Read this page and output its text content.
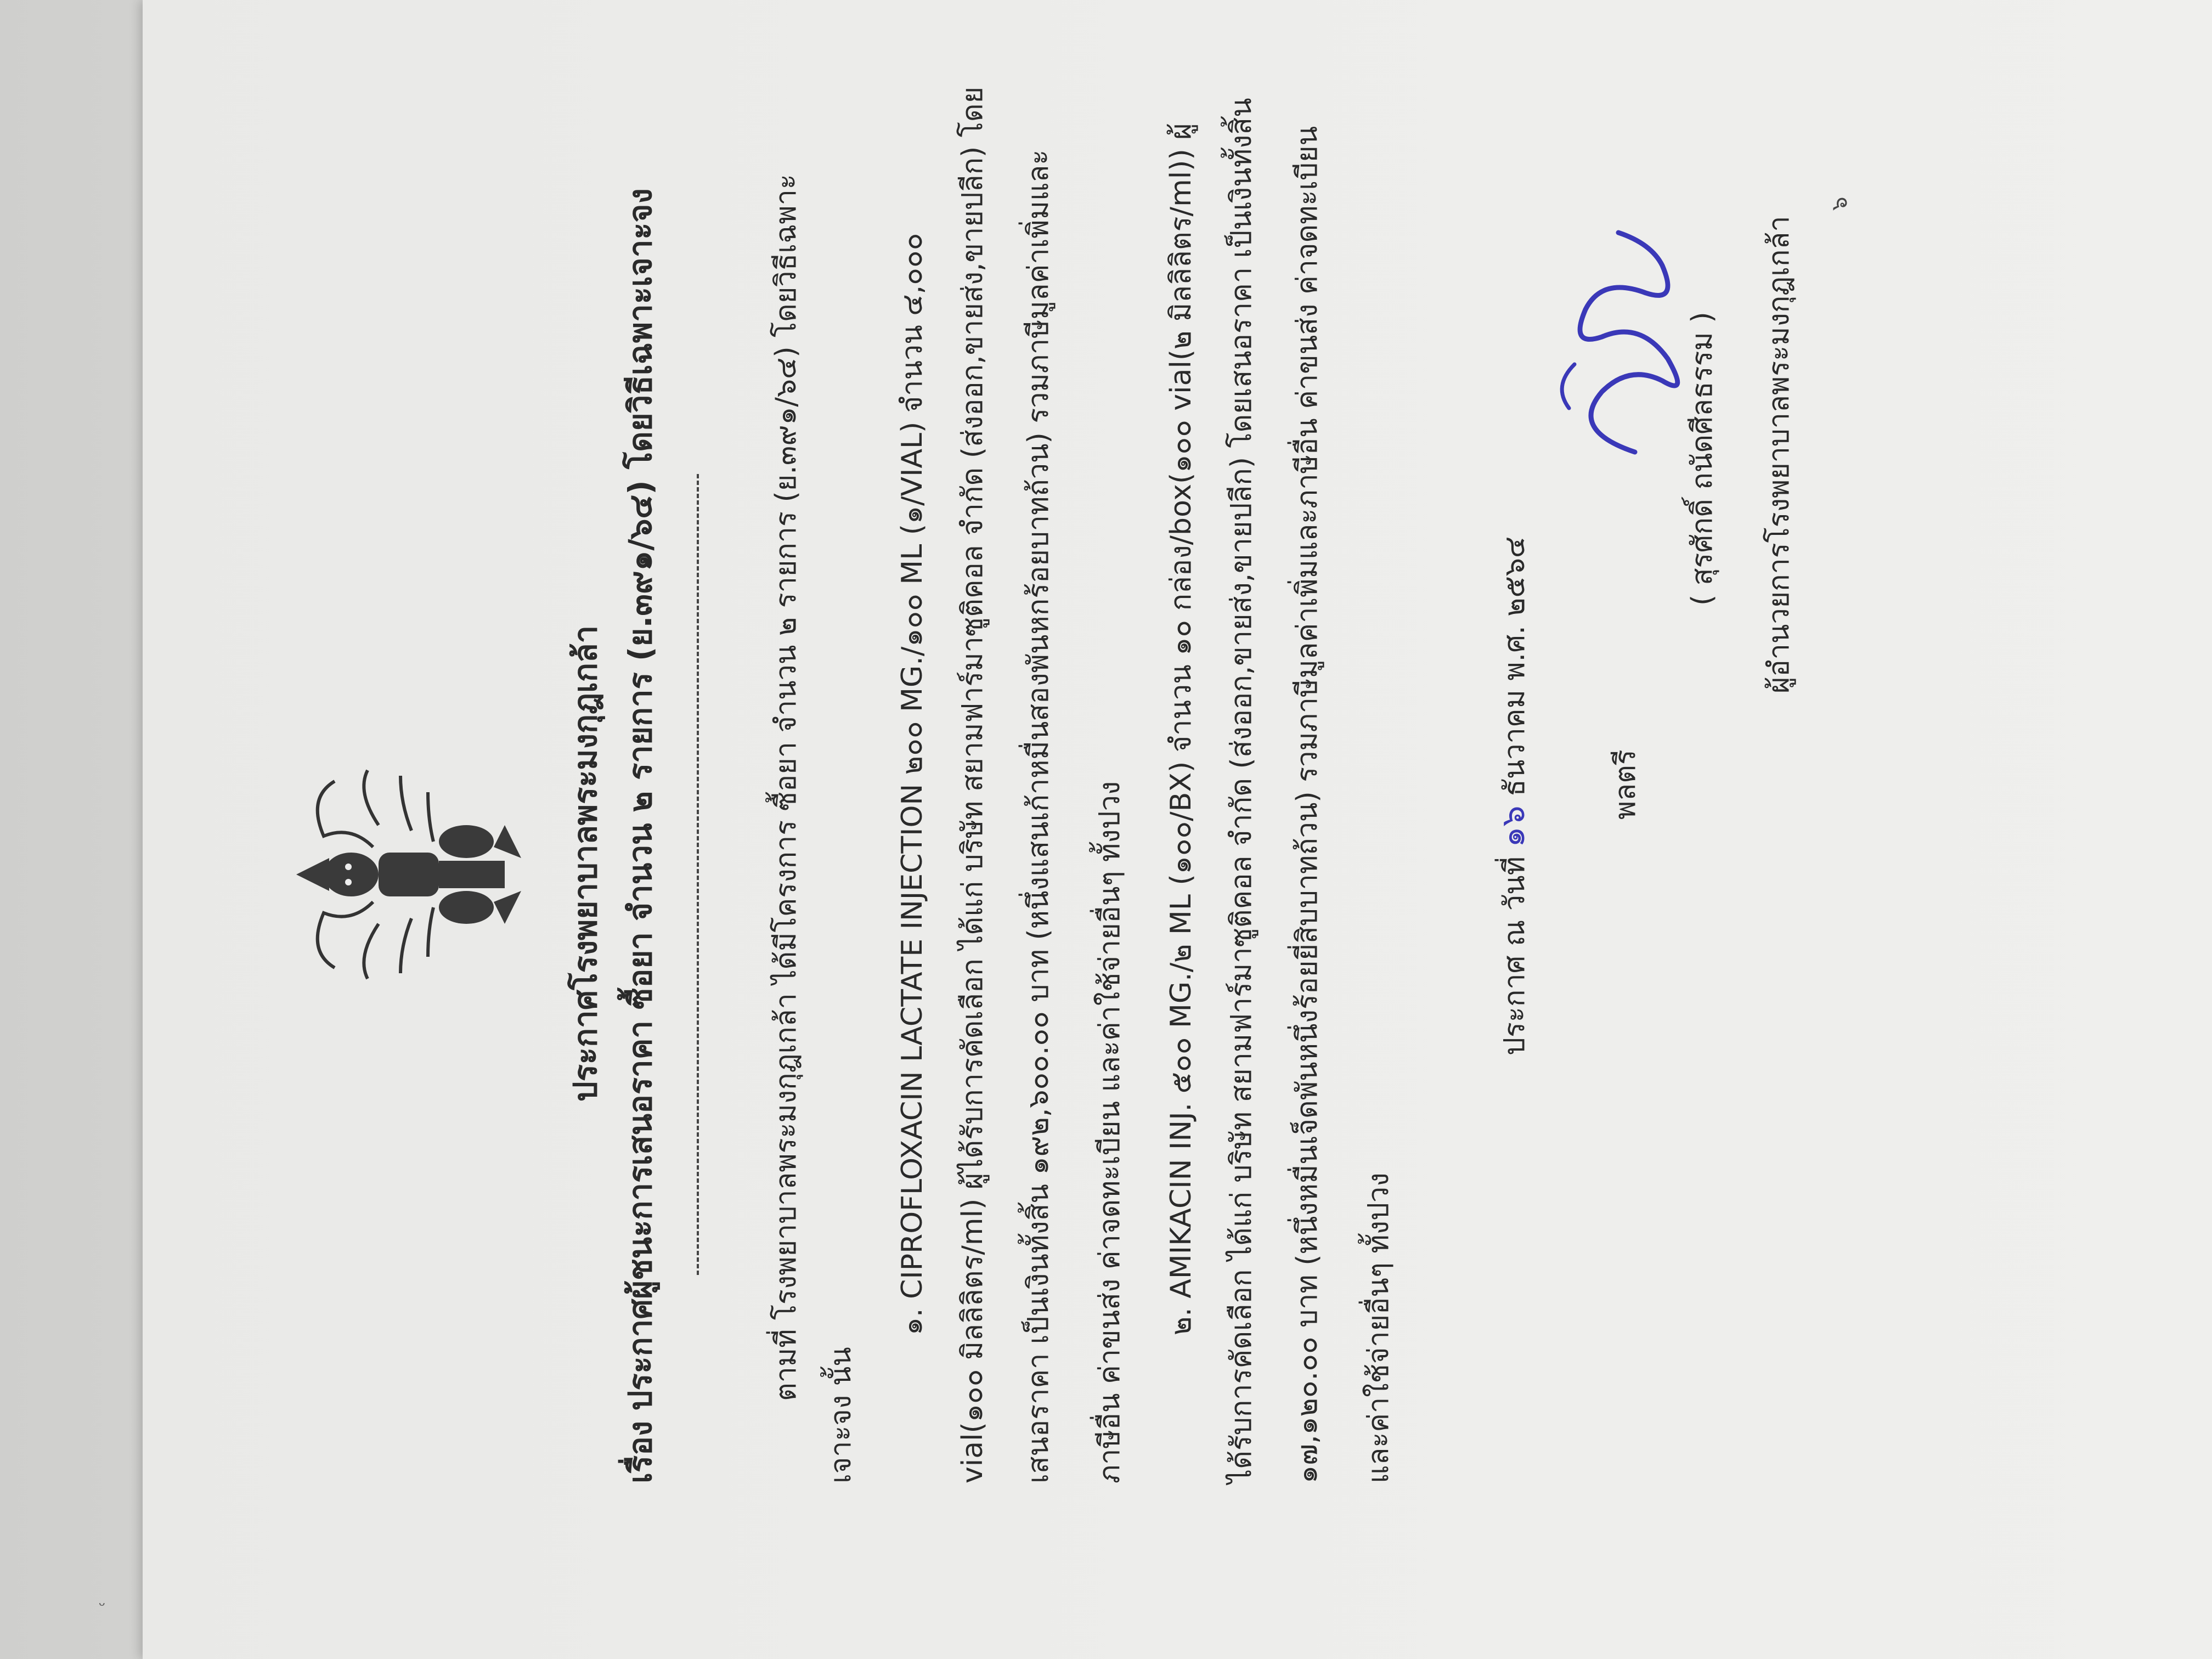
ᵕ
ประกาศโรงพยาบาลพระมงกุฎเกล้า
เรื่อง ประกาศผู้ชนะการเสนอราคา ซื้อยา จำนวน ๒ รายการ (ย.๓๙๑/๖๔) โดยวิธีเฉพาะเจาะจง	ตามที่ โรงพยาบาลพระมงกุฎเกล้า ได้มีโครงการ ซื้อยา จำนวน ๒ รายการ (ย.๓๙๑/๖๔) โดยวิธีเฉพาะ
เจาะจง นั้น
๑. CIPROFLOXACIN LACTATE INJECTION ๒๐๐ MG./๑๐๐ ML (๑/VIAL) จำนวน ๔,๐๐๐ vial(๑๐๐ มิลลิลิตร/ml) ผู้ได้รับการคัดเลือก ได้แก่ บริษัท สยามฟาร์มาซูติคอล จำกัด (ส่งออก,ขายส่ง,ขายปลีก) โดย เสนอราคา เป็นเงินทั้งสิ้น ๑๙๒,๖๐๐.๐๐ บาท (หนึ่งแสนเก้าหมื่นสองพันหกร้อยบาทถ้วน) รวมภาษีมูลค่าเพิ่มและ ภาษีอื่น ค่าขนส่ง ค่าจดทะเบียน และค่าใช้จ่ายอื่นๆ ทั้งปวง ๒. AMIKACIN INJ. ๕๐๐ MG./๒ ML (๑๐๐/BX) จำนวน ๑๐ กล่อง/box(๑๐๐ vial(๒ มิลลิลิตร/ml)) ผู้ ได้รับการคัดเลือก ได้แก่ บริษัท สยามฟาร์มาซูติคอล จำกัด (ส่งออก,ขายส่ง,ขายปลีก) โดยเสนอราคา เป็นเงินทั้งสิ้น ๑๗,๑๒๐.๐๐ บาท (หนึ่งหมื่นเจ็ดพันหนึ่งร้อยยี่สิบบาทถ้วน) รวมภาษีมูลค่าเพิ่มและภาษีอื่น ค่าขนส่ง ค่าจดทะเบียน และค่าใช้จ่ายอื่นๆ ทั้งปวง
ประกาศ ณ วันที่ ๑๖ ธันวาคม พ.ศ. ๒๕๖๔	พลตรี
( สุรศักดิ์ ถนัดศีลธรรม ) ผู้อำนวยการโรงพยาบาลพระมงกุฎเกล้า
๖
